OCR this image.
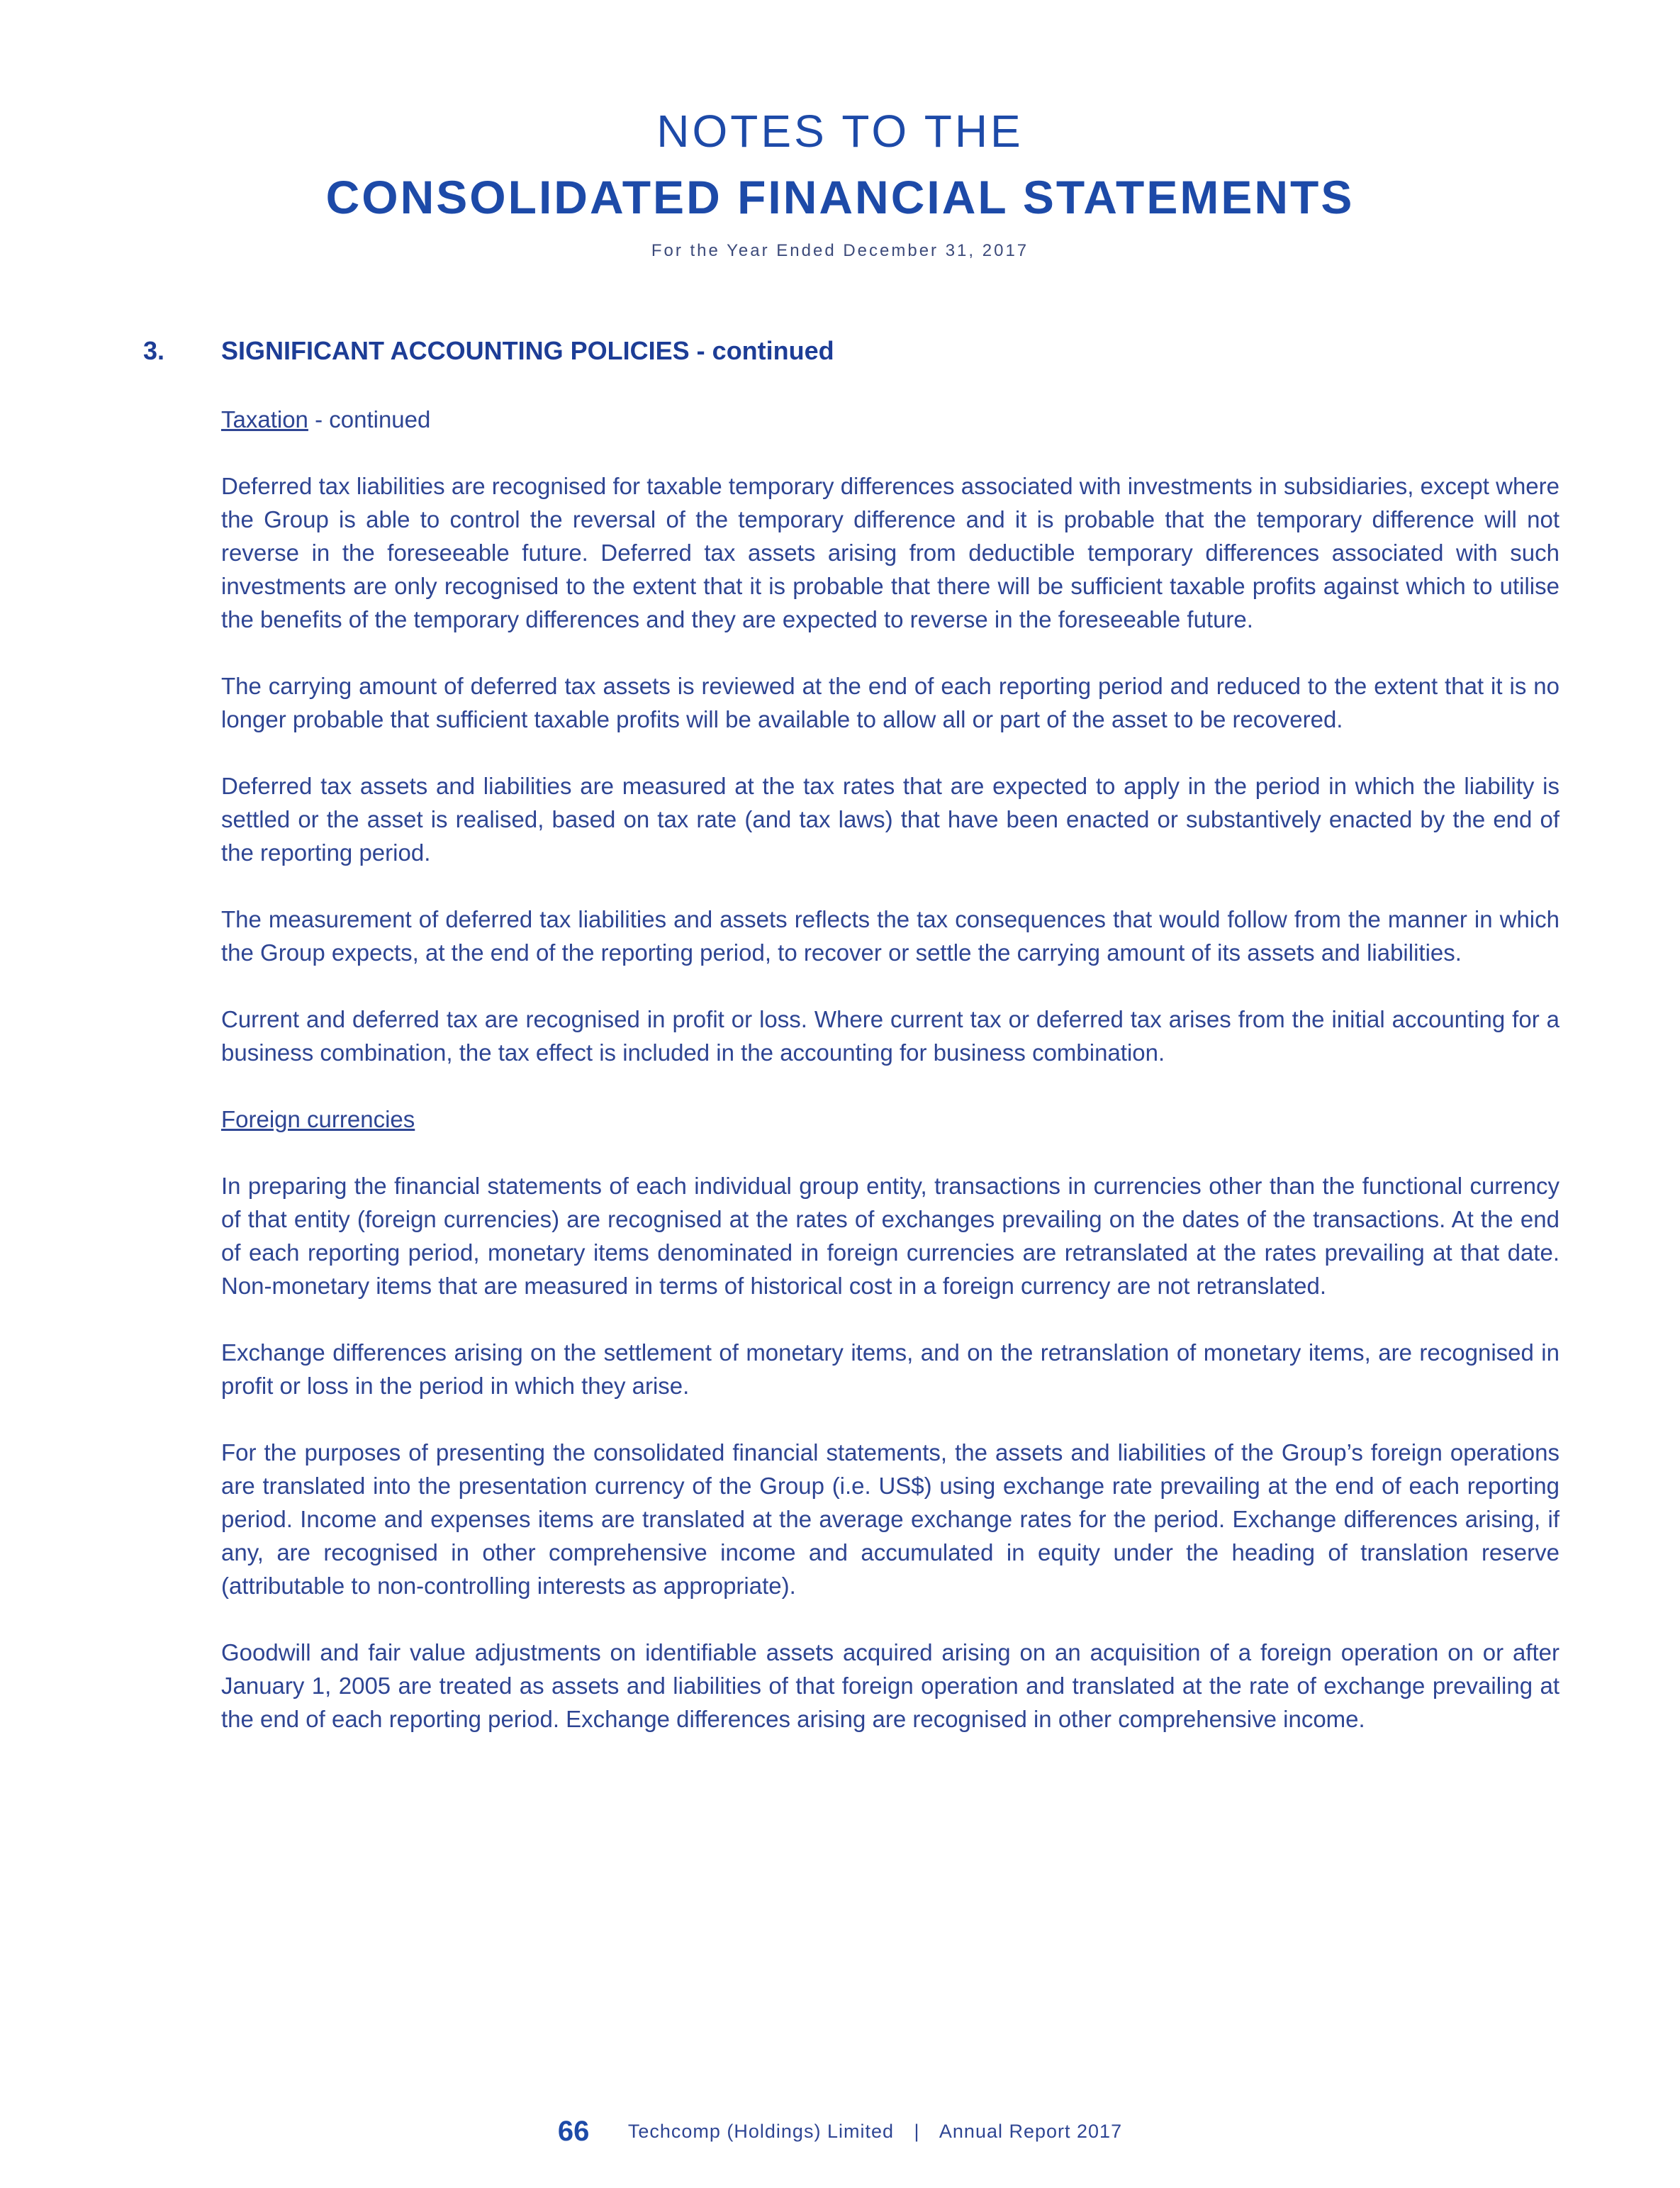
NOTES TO THE
CONSOLIDATED FINANCIAL STATEMENTS
For the Year Ended December 31, 2017
3. SIGNIFICANT ACCOUNTING POLICIES - continued
Taxation - continued

Deferred tax liabilities are recognised for taxable temporary differences associated with investments in subsidiaries, except where the Group is able to control the reversal of the temporary difference and it is probable that the temporary difference will not reverse in the foreseeable future. Deferred tax assets arising from deductible temporary differences associated with such investments are only recognised to the extent that it is probable that there will be sufficient taxable profits against which to utilise the benefits of the temporary differences and they are expected to reverse in the foreseeable future.

The carrying amount of deferred tax assets is reviewed at the end of each reporting period and reduced to the extent that it is no longer probable that sufficient taxable profits will be available to allow all or part of the asset to be recovered.

Deferred tax assets and liabilities are measured at the tax rates that are expected to apply in the period in which the liability is settled or the asset is realised, based on tax rate (and tax laws) that have been enacted or substantively enacted by the end of the reporting period.

The measurement of deferred tax liabilities and assets reflects the tax consequences that would follow from the manner in which the Group expects, at the end of the reporting period, to recover or settle the carrying amount of its assets and liabilities.

Current and deferred tax are recognised in profit or loss. Where current tax or deferred tax arises from the initial accounting for a business combination, the tax effect is included in the accounting for business combination.

Foreign currencies

In preparing the financial statements of each individual group entity, transactions in currencies other than the functional currency of that entity (foreign currencies) are recognised at the rates of exchanges prevailing on the dates of the transactions. At the end of each reporting period, monetary items denominated in foreign currencies are retranslated at the rates prevailing at that date. Non-monetary items that are measured in terms of historical cost in a foreign currency are not retranslated.

Exchange differences arising on the settlement of monetary items, and on the retranslation of monetary items, are recognised in profit or loss in the period in which they arise.

For the purposes of presenting the consolidated financial statements, the assets and liabilities of the Group’s foreign operations are translated into the presentation currency of the Group (i.e. US$) using exchange rate prevailing at the end of each reporting period. Income and expenses items are translated at the average exchange rates for the period. Exchange differences arising, if any, are recognised in other comprehensive income and accumulated in equity under the heading of translation reserve (attributable to non-controlling interests as appropriate).

Goodwill and fair value adjustments on identifiable assets acquired arising on an acquisition of a foreign operation on or after January 1, 2005 are treated as assets and liabilities of that foreign operation and translated at the rate of exchange prevailing at the end of each reporting period. Exchange differences arising are recognised in other comprehensive income.

66 Techcomp (Holdings) Limited | Annual Report 2017
